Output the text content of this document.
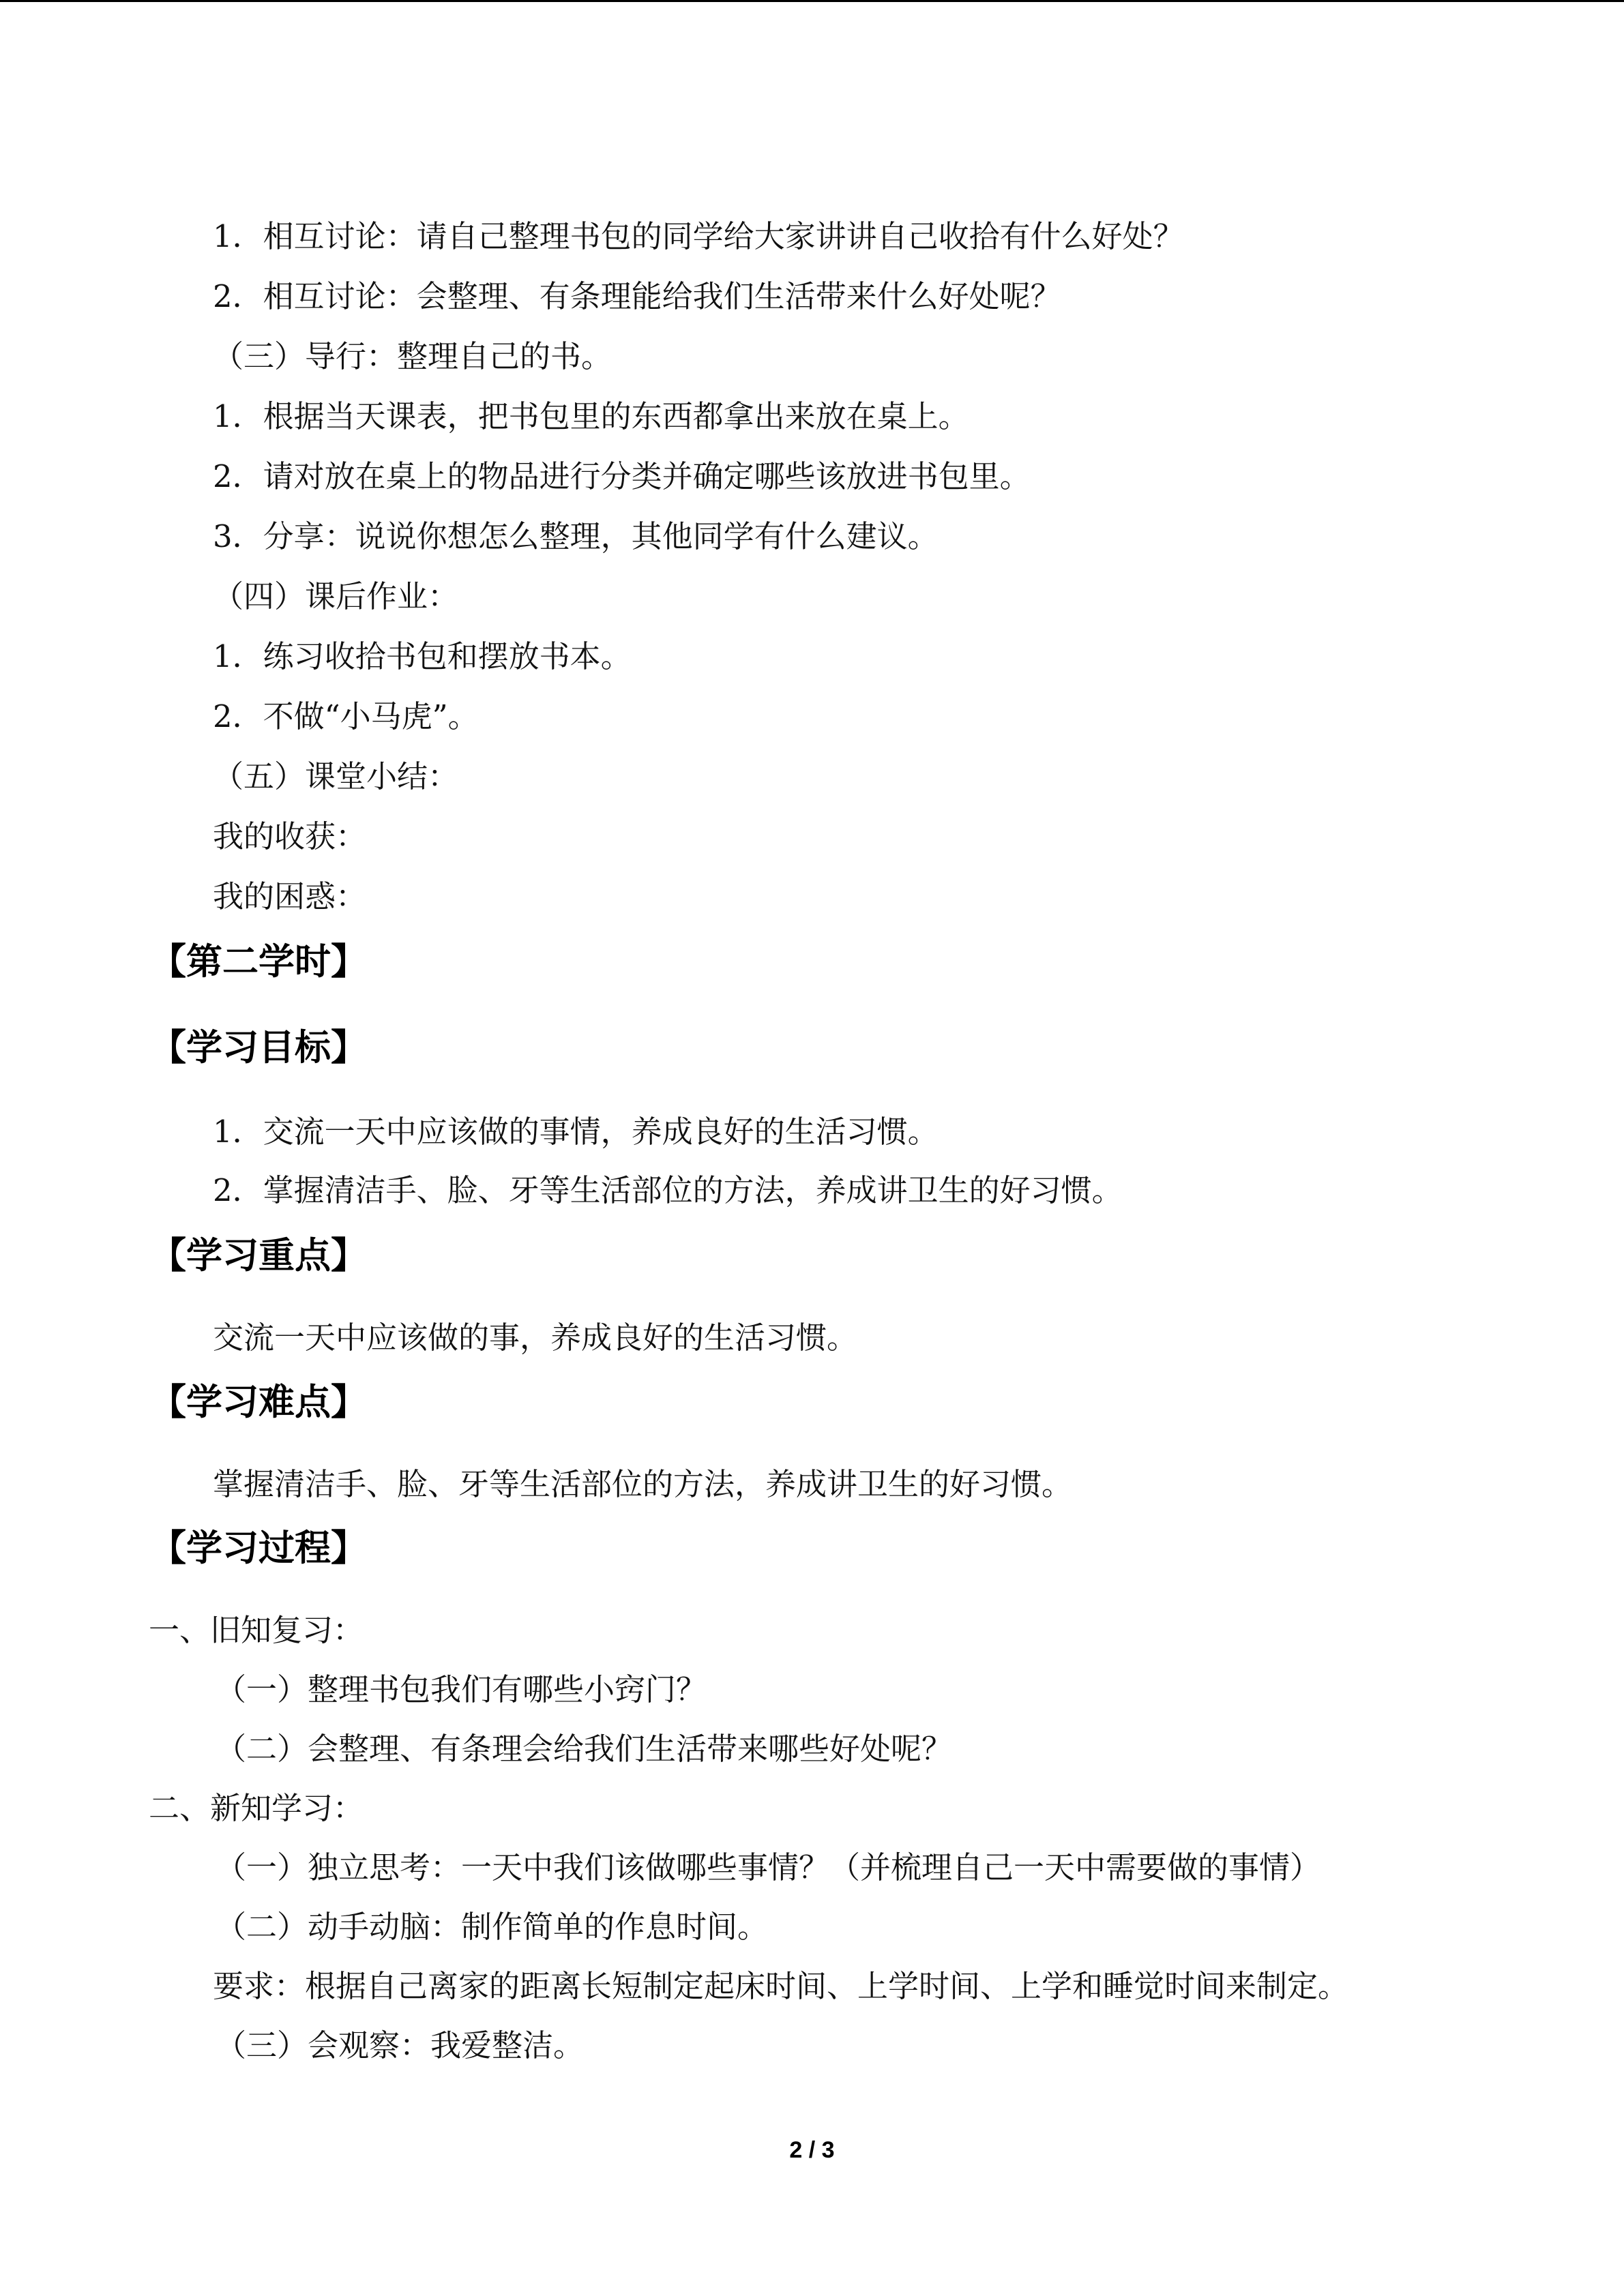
1．相互讨论：请自己整理书包的同学给大家讲讲自己收拾有什么好处？
2．相互讨论：会整理、有条理能给我们生活带来什么好处呢？
（三）导行：整理自己的书。
1．根据当天课表，把书包里的东西都拿出来放在桌上。
2．请对放在桌上的物品进行分类并确定哪些该放进书包里。
3．分享：说说你想怎么整理，其他同学有什么建议。
（四）课后作业：
1．练习收拾书包和摆放书本。
2．不做“小马虎”。
（五）课堂小结：
我的收获：
我的困惑：
【第二学时】
【学习目标】
1．交流一天中应该做的事情，养成良好的生活习惯。
2．掌握清洁手、脸、牙等生活部位的方法，养成讲卫生的好习惯。
【学习重点】
交流一天中应该做的事，养成良好的生活习惯。
【学习难点】
掌握清洁手、脸、牙等生活部位的方法，养成讲卫生的好习惯。
【学习过程】
一、旧知复习：
（一）整理书包我们有哪些小窍门？
（二）会整理、有条理会给我们生活带来哪些好处呢？
二、新知学习：
（一）独立思考：一天中我们该做哪些事情？（并梳理自己一天中需要做的事情）
（二）动手动脑：制作简单的作息时间。
要求：根据自己离家的距离长短制定起床时间、上学时间、上学和睡觉时间来制定。
（三）会观察：我爱整洁。
2 / 3
